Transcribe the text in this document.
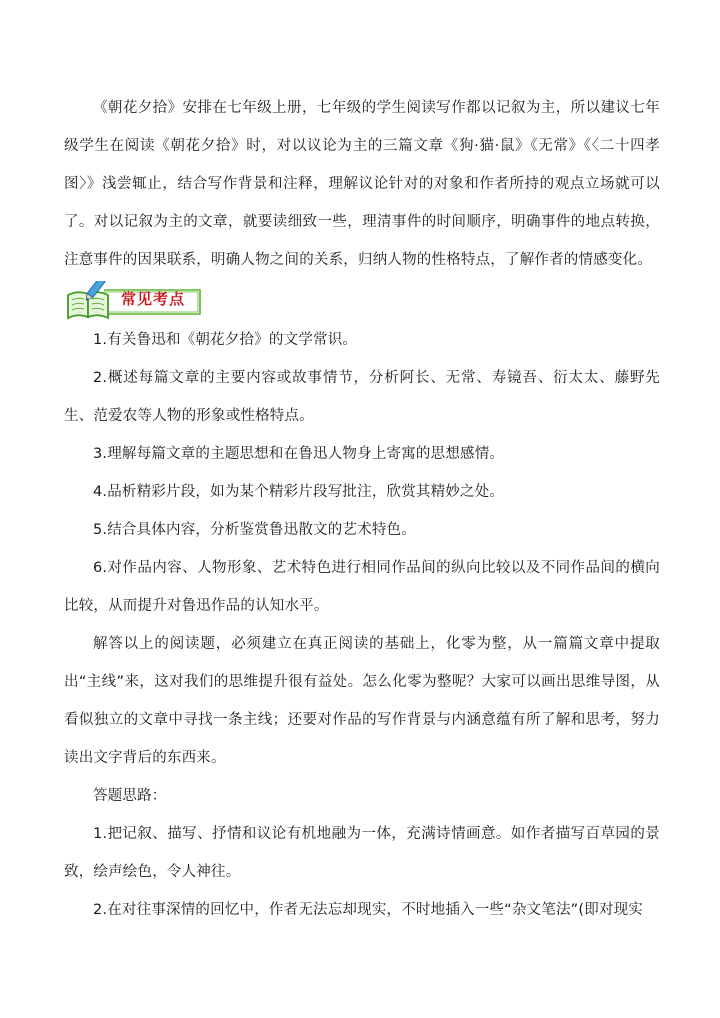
《朝花夕拾》安排在七年级上册，七年级的学生阅读写作都以记叙为主，所以建议七年级学生在阅读《朝花夕拾》时，对以议论为主的三篇文章《狗·猫·鼠》《无常》《〈二十四孝图〉》浅尝辄止，结合写作背景和注释，理解议论针对的对象和作者所持的观点立场就可以了。对以记叙为主的文章，就要读细致一些，理清事件的时间顺序，明确事件的地点转换，注意事件的因果联系，明确人物之间的关系，归纳人物的性格特点，了解作者的情感变化。

常见考点

1.有关鲁迅和《朝花夕拾》的文学常识。

2.概述每篇文章的主要内容或故事情节，分析阿长、无常、寿镜吾、衍太太、藤野先生、范爱农等人物的形象或性格特点。

3.理解每篇文章的主题思想和在鲁迅人物身上寄寓的思想感情。

4.品析精彩片段，如为某个精彩片段写批注，欣赏其精妙之处。

5.结合具体内容，分析鉴赏鲁迅散文的艺术特色。

6.对作品内容、人物形象、艺术特色进行相同作品间的纵向比较以及不同作品间的横向比较，从而提升对鲁迅作品的认知水平。

解答以上的阅读题，必须建立在真正阅读的基础上，化零为整，从一篇篇文章中提取出“主线”来，这对我们的思维提升很有益处。怎么化零为整呢？大家可以画出思维导图，从看似独立的文章中寻找一条主线；还要对作品的写作背景与内涵意蕴有所了解和思考，努力读出文字背后的东西来。

答题思路：

1.把记叙、描写、抒情和议论有机地融为一体，充满诗情画意。如作者描写百草园的景致，绘声绘色，令人神往。

2.在对往事深情的回忆中，作者无法忘却现实，不时地插入一些“杂文笔法”(即对现实
